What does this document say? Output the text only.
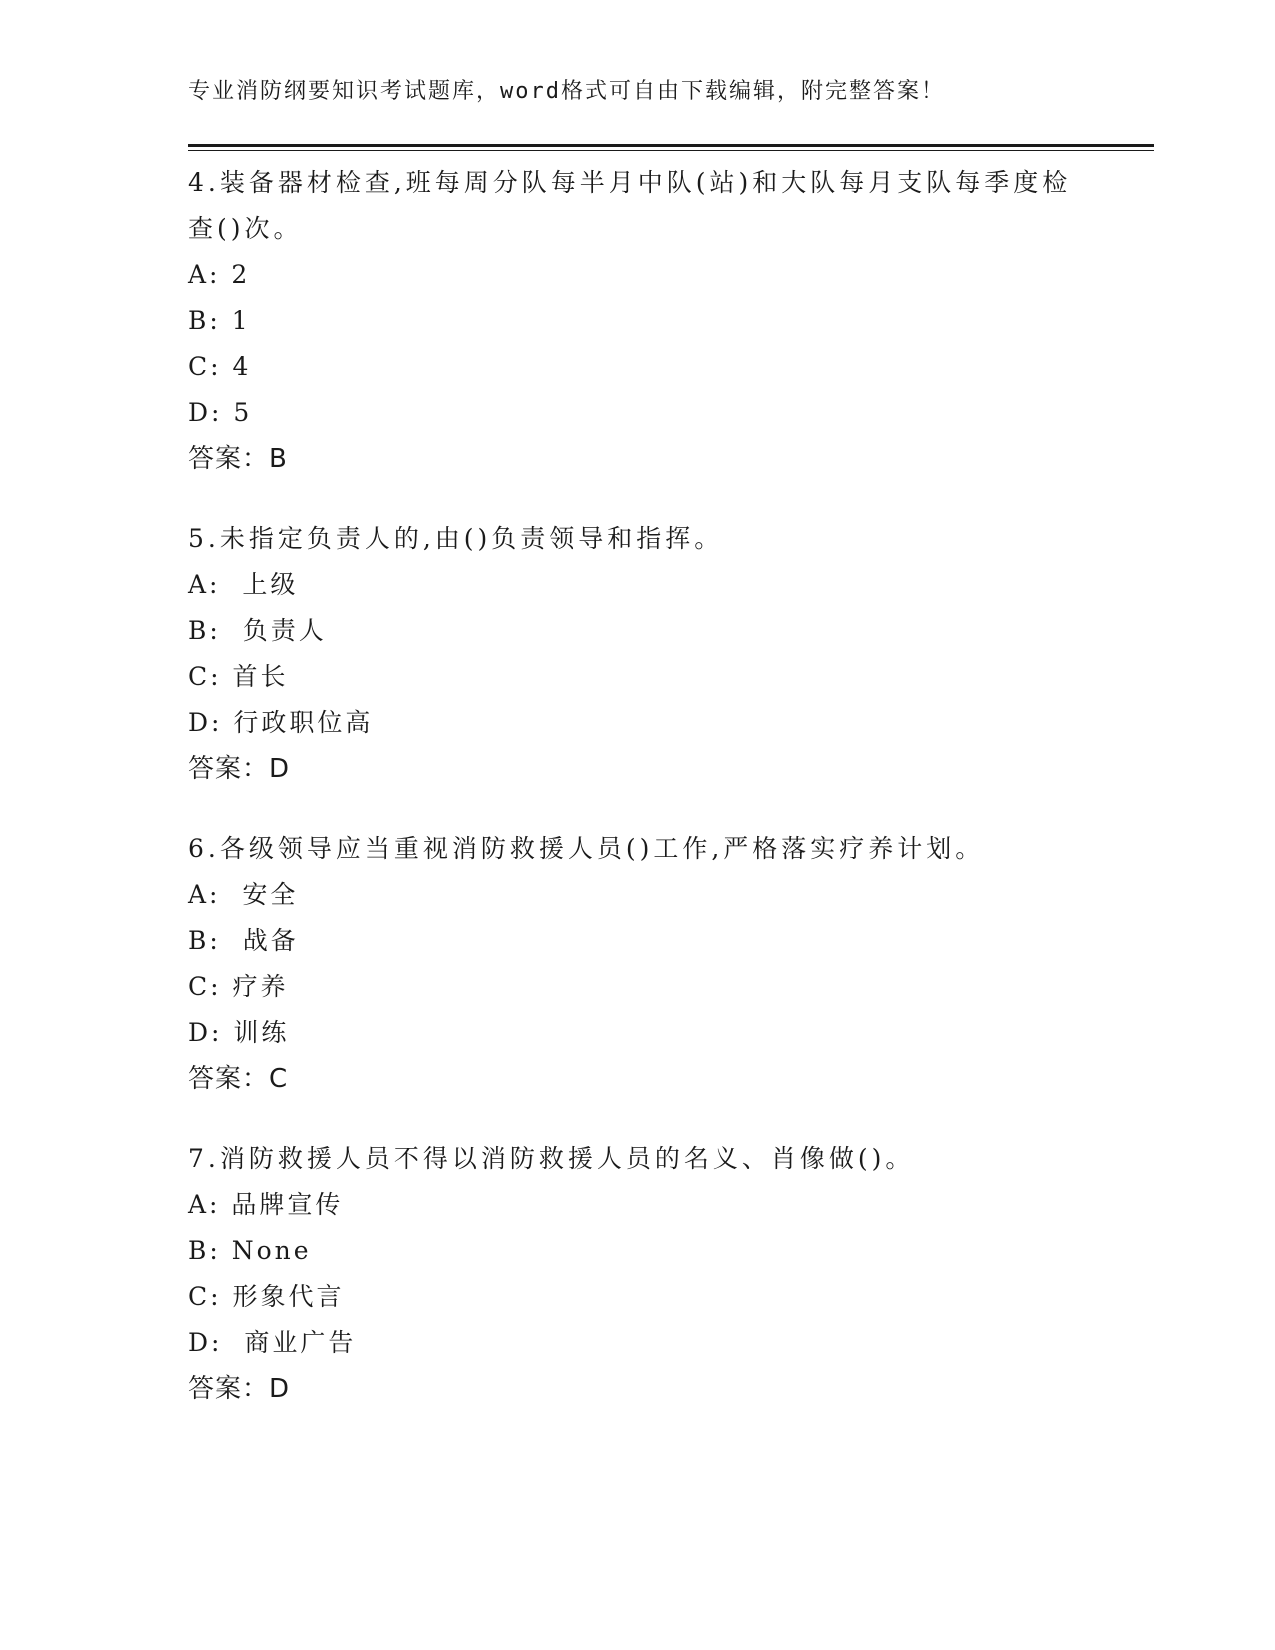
专业消防纲要知识考试题库，word格式可自由下载编辑，附完整答案！

4.装备器材检查,班每周分队每半月中队(站)和大队每月支队每季度检查()次。

A: 2

B: 1

C: 4

D: 5

答案：B

5.未指定负责人的,由()负责领导和指挥。

A:  上级

B:  负责人

C: 首长

D: 行政职位高

答案：D

6.各级领导应当重视消防救援人员()工作,严格落实疗养计划。

A:  安全

B:  战备

C: 疗养

D: 训练

答案：C

7.消防救援人员不得以消防救援人员的名义、肖像做()。

A: 品牌宣传

B: None

C: 形象代言

D:  商业广告

答案：D
